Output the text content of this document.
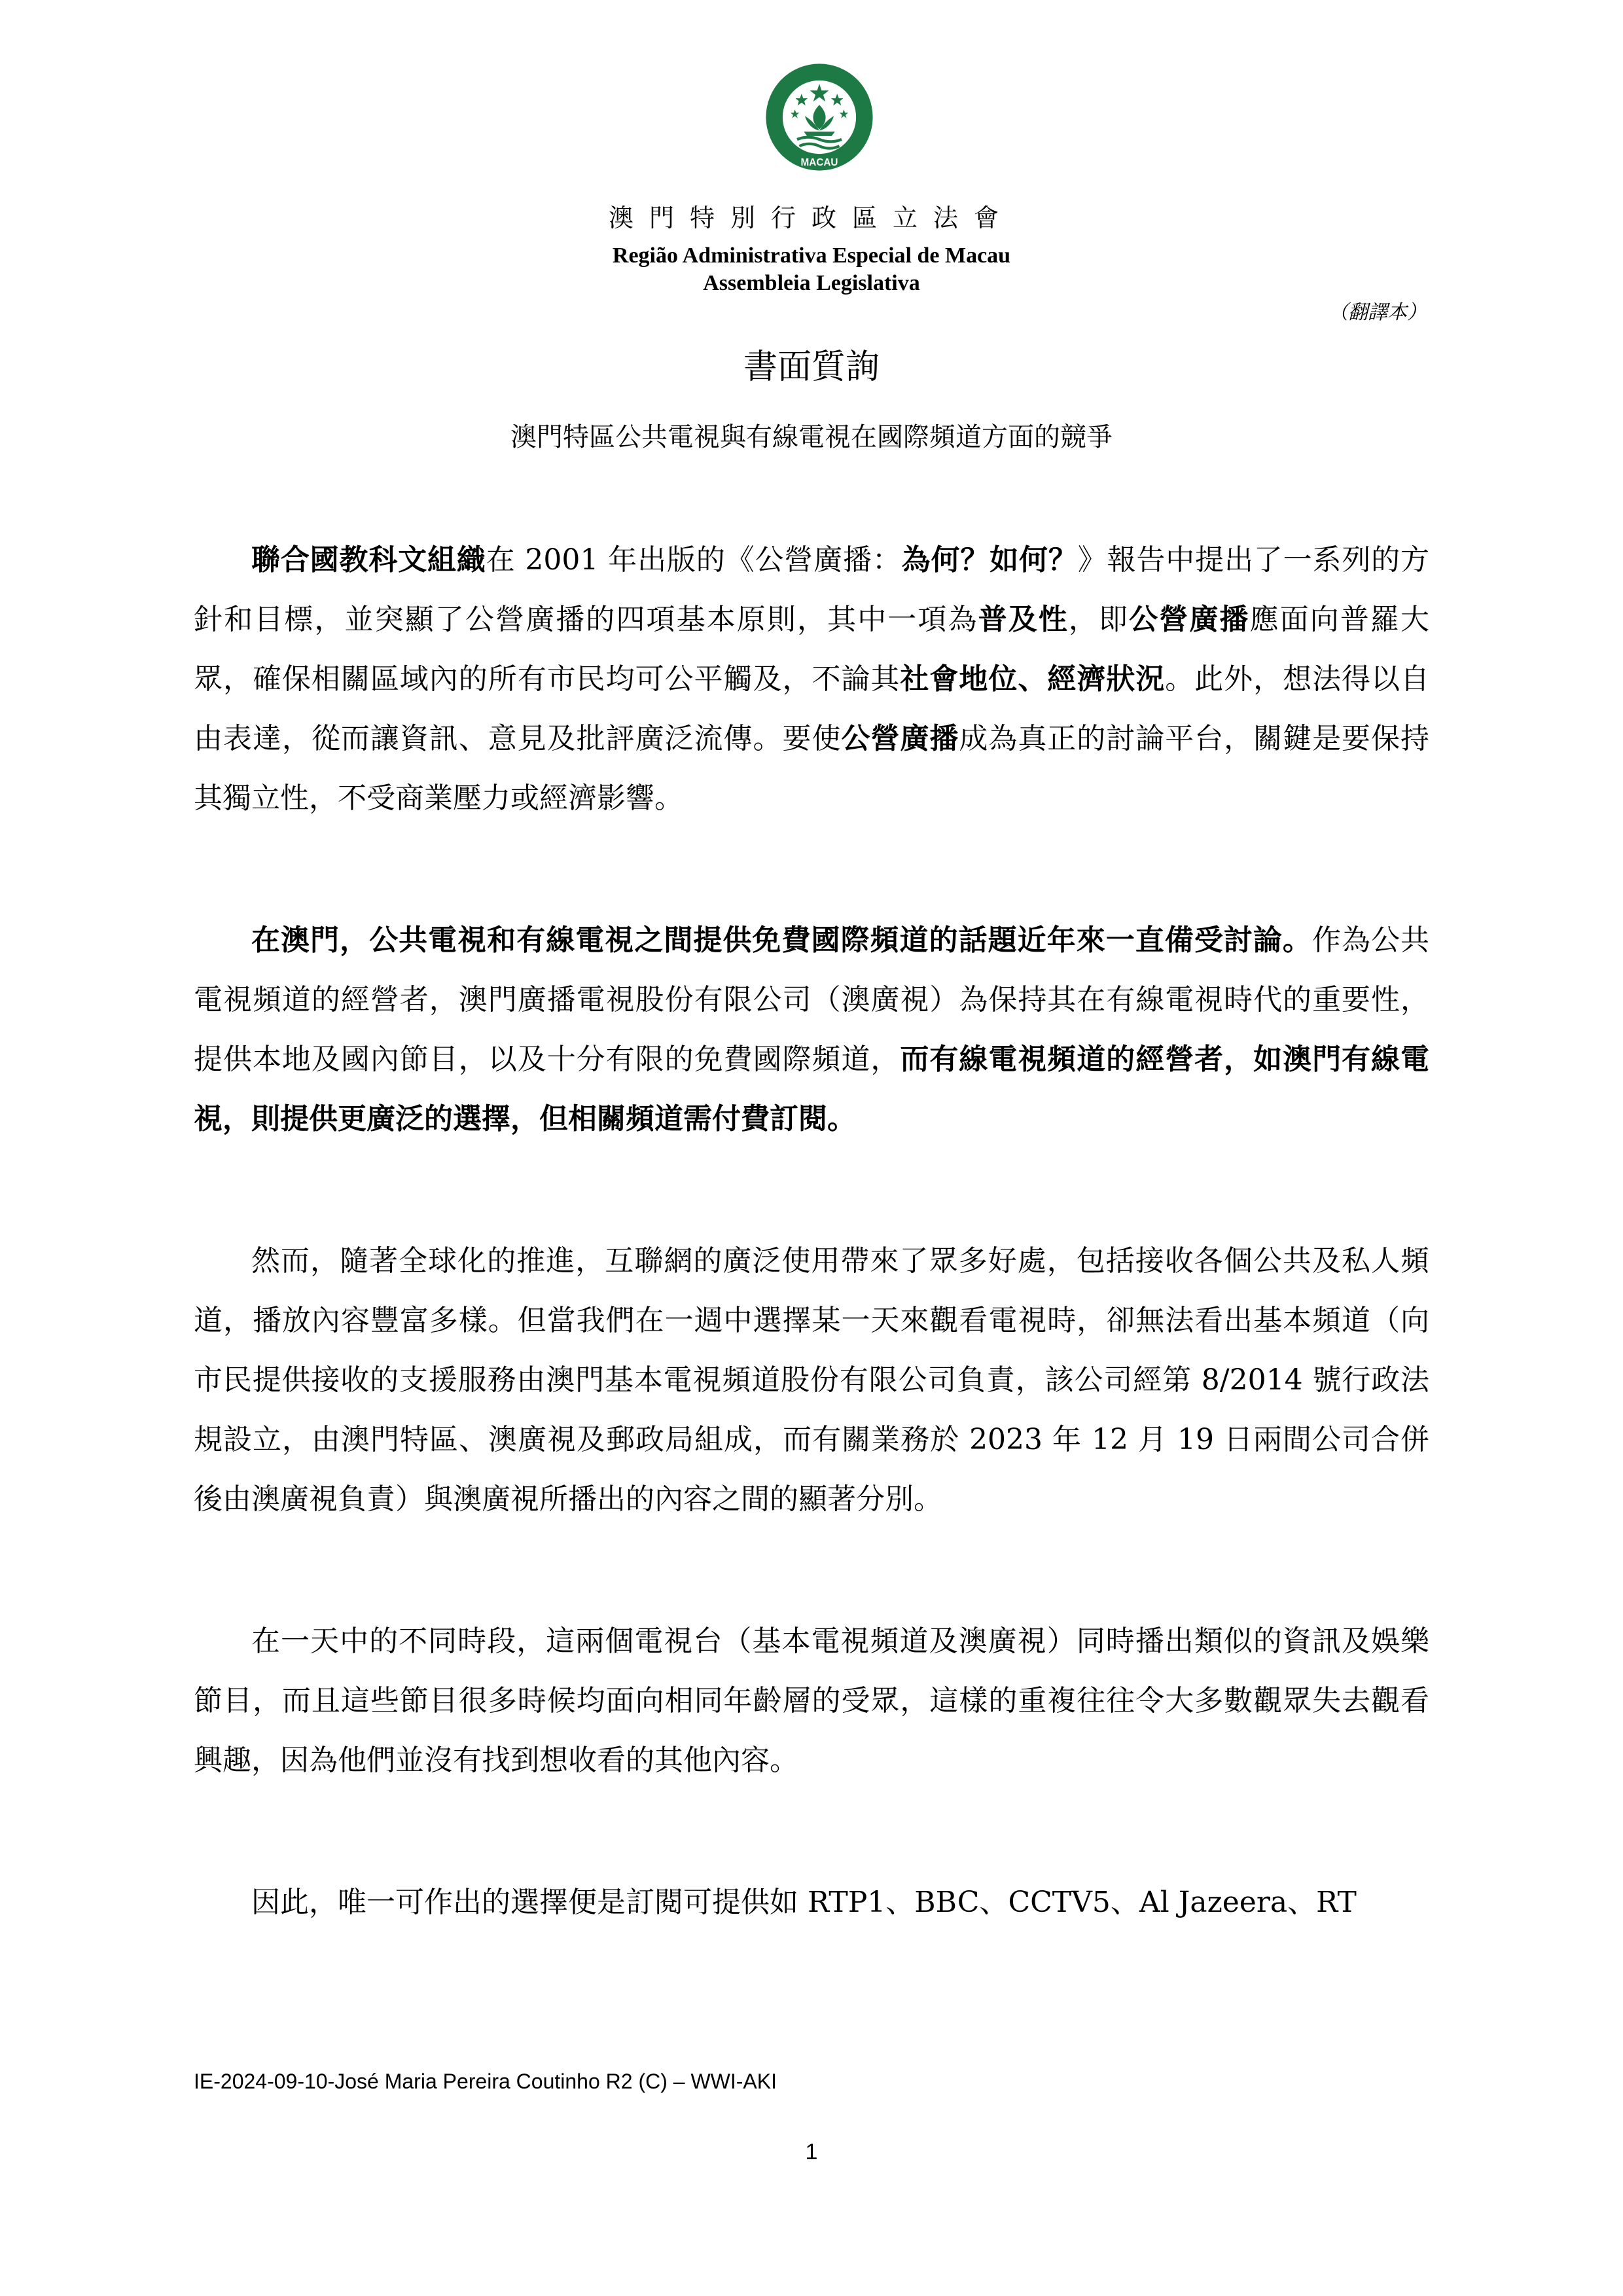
MACAU
澳門特別行政區立法會
Região Administrativa Especial de Macau
Assembleia Legislativa
（翻譯本）
書面質詢
澳門特區公共電視與有線電視在國際頻道方面的競爭

聯合國教科文組織在 2001 年出版的《公營廣播：為何？如何？》報告中提出了一系列的方針和目標，並突顯了公營廣播的四項基本原則，其中一項為普及性，即公營廣播應面向普羅大眾，確保相關區域內的所有市民均可公平觸及，不論其社會地位、經濟狀況。此外，想法得以自由表達，從而讓資訊、意見及批評廣泛流傳。要使公營廣播成為真正的討論平台，關鍵是要保持其獨立性，不受商業壓力或經濟影響。

在澳門，公共電視和有線電視之間提供免費國際頻道的話題近年來一直備受討論。作為公共電視頻道的經營者，澳門廣播電視股份有限公司（澳廣視）為保持其在有線電視時代的重要性，提供本地及國內節目，以及十分有限的免費國際頻道，而有線電視頻道的經營者，如澳門有線電視，則提供更廣泛的選擇，但相關頻道需付費訂閱。

然而，隨著全球化的推進，互聯網的廣泛使用帶來了眾多好處，包括接收各個公共及私人頻道，播放內容豐富多樣。但當我們在一週中選擇某一天來觀看電視時，卻無法看出基本頻道（向市民提供接收的支援服務由澳門基本電視頻道股份有限公司負責，該公司經第 8/2014 號行政法規設立，由澳門特區、澳廣視及郵政局組成，而有關業務於 2023 年 12 月 19 日兩間公司合併後由澳廣視負責）與澳廣視所播出的內容之間的顯著分別。

在一天中的不同時段，這兩個電視台（基本電視頻道及澳廣視）同時播出類似的資訊及娛樂節目，而且這些節目很多時候均面向相同年齡層的受眾，這樣的重複往往令大多數觀眾失去觀看興趣，因為他們並沒有找到想收看的其他內容。

因此，唯一可作出的選擇便是訂閱可提供如 RTP1、BBC、CCTV5、Al Jazeera、RT

IE-2024-09-10-José Maria Pereira Coutinho R2 (C) – WWI-AKI
1
